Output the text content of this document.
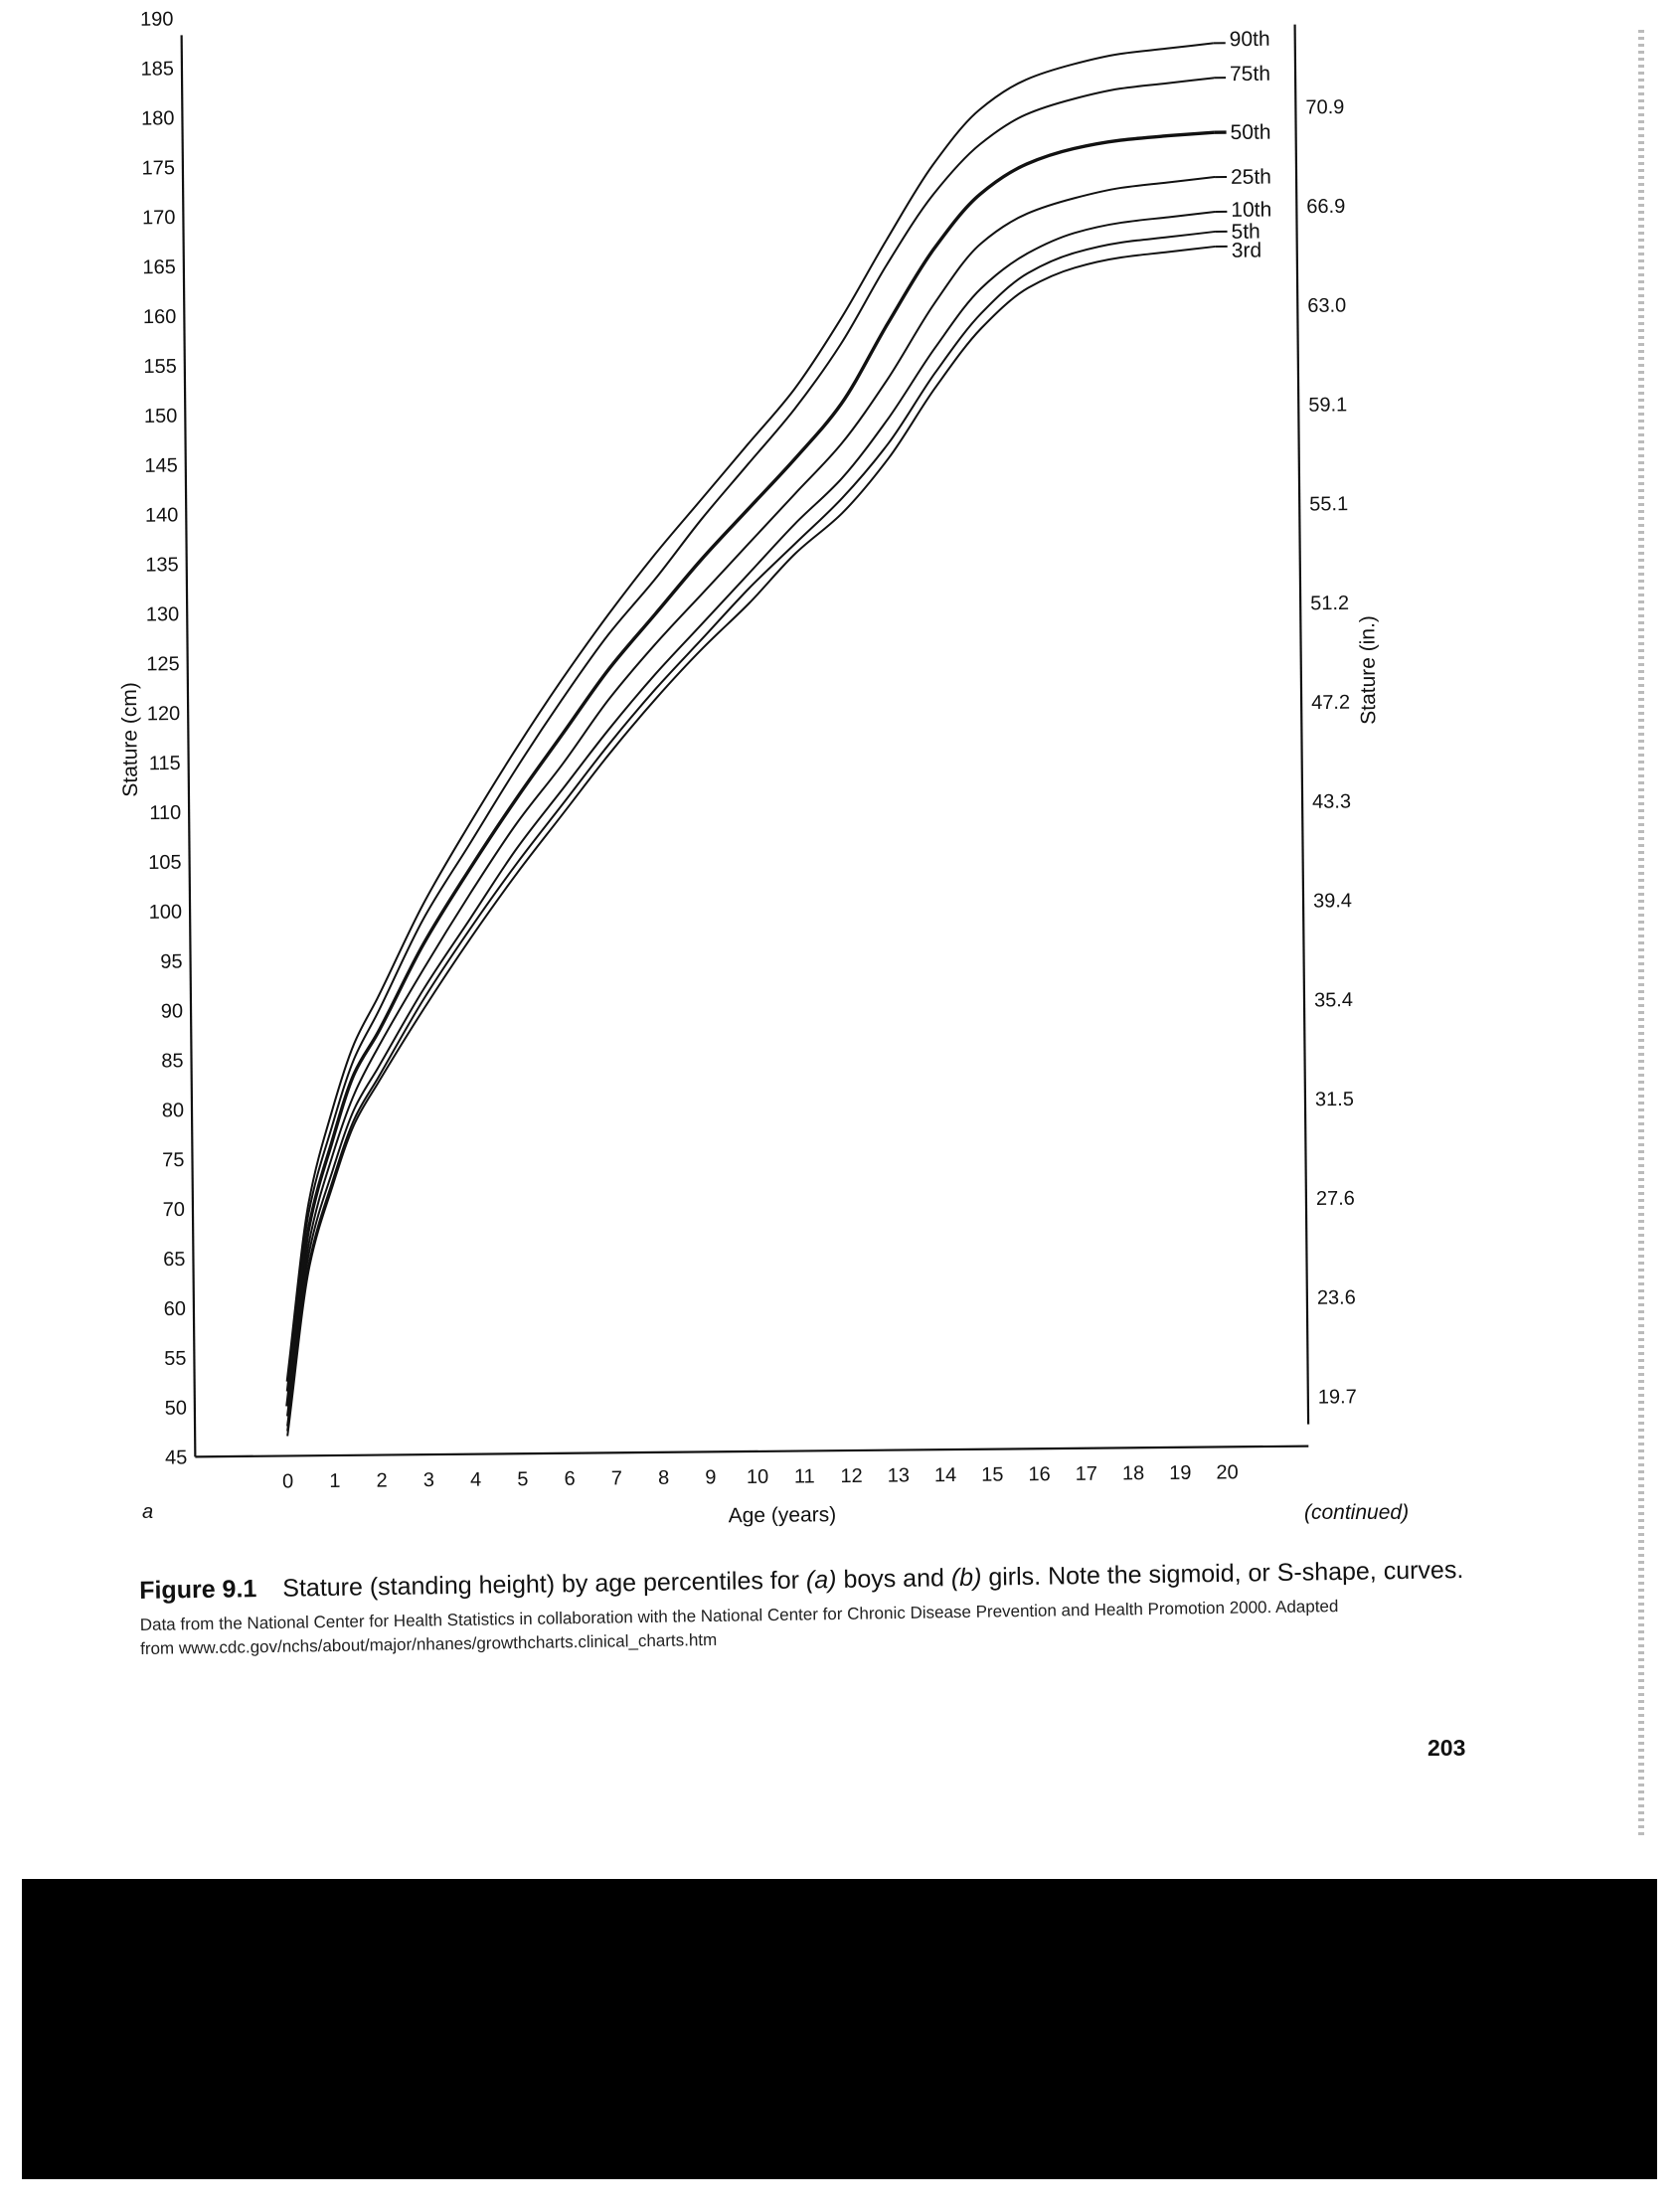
185
180
175
170
165
160
155
150
145
140
135
130
125
120
115
110
105
100
95
90
85
80
75
70
65
60
55
50
45
190
70.9
66.9
63.0
59.1
55.1
51.2
47.2
43.3
39.4
35.4
31.5
27.6
23.6
19.7
0 1 2 3 4 5 6 7 8 9 10 11 12 13 14 15 16 17 18 19 20
90th
75th
50th
25th
10th
5th
3rd
Age (years)
Stature (cm)
Stature (in.)
a	(continued)
Figure 9.1 Stature (standing height) by age percentiles for (a) boys and (b) girls. Note the sigmoid, or S-shape, curves.
Data from the National Center for Health Statistics in collaboration with the National Center for Chronic Disease Prevention and Health Promotion 2000. Adapted
from www.cdc.gov/nchs/about/major/nhanes/growthcharts.clinical_charts.htm
203
